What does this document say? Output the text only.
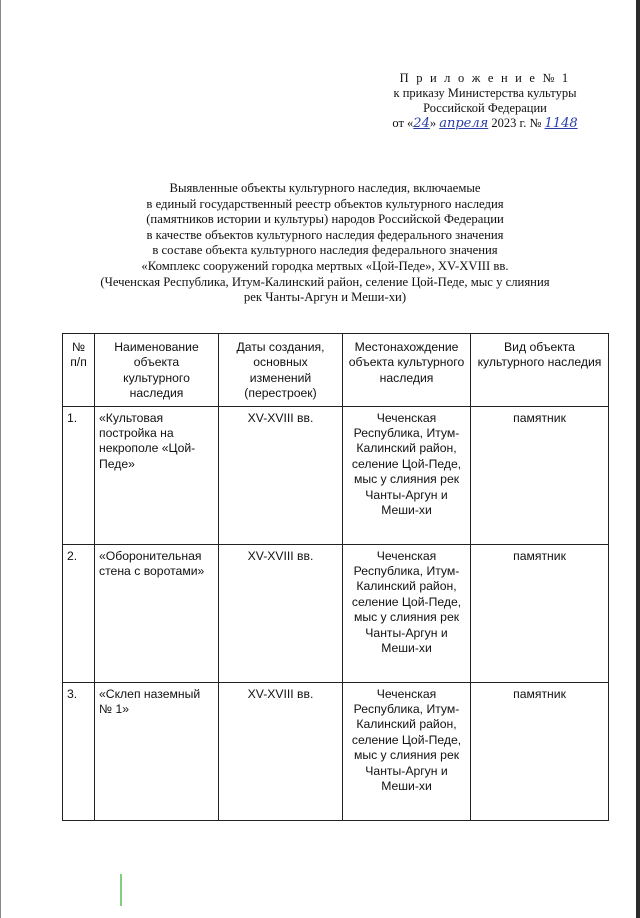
П р и л о ж е н и е № 1
к приказу Министерства культуры
Российской Федерации
от «24» апреля 2023 г. № 1148
Выявленные объекты культурного наследия, включаемые
в единый государственный реестр объектов культурного наследия
(памятников истории и культуры) народов Российской Федерации
в качестве объектов культурного наследия федерального значения
в составе объекта культурного наследия федерального значения
«Комплекс сооружений городка мертвых «Цой-Педе», XV-XVIII вв.
(Чеченская Республика, Итум-Калинский район, селение Цой-Педе, мыс у слияния
рек Чанты-Аргун и Меши-хи)
№ п/п	Наименование объекта культурного наследия	Даты создания, основных изменений (перестроек)	Местонахождение объекта культурного наследия	Вид объекта культурного наследия
1.	«Культовая постройка на некрополе «Цой-Педе»	XV-XVIII вв.	Чеченская Республика, Итум-Калинский район, селение Цой-Педе, мыс у слияния рек Чанты-Аргун и Меши-хи	памятник
2.	«Оборонительная стена с воротами»	XV-XVIII вв.	Чеченская Республика, Итум-Калинский район, селение Цой-Педе, мыс у слияния рек Чанты-Аргун и Меши-хи	памятник
3.	«Склеп наземный № 1»	XV-XVIII вв.	Чеченская Республика, Итум-Калинский район, селение Цой-Педе, мыс у слияния рек Чанты-Аргун и Меши-хи	памятник
